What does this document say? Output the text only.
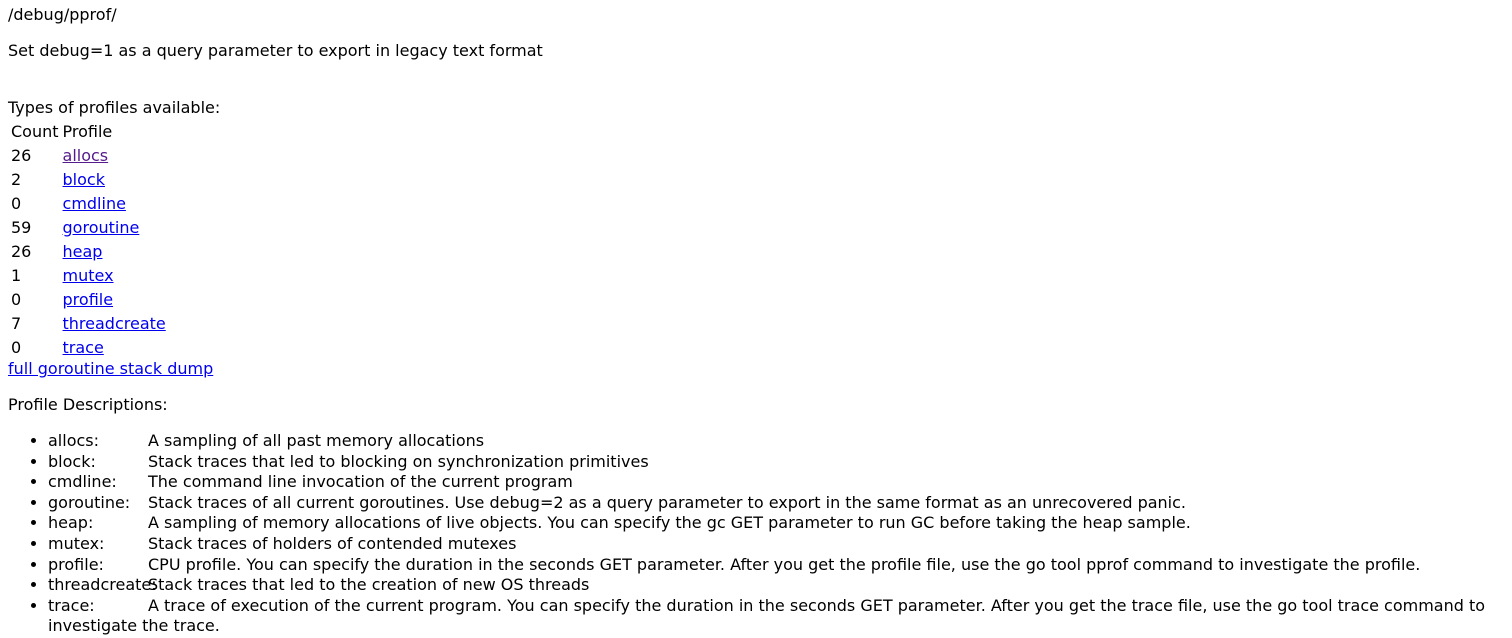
/debug/pprof/
Set debug=1 as a query parameter to export in legacy text format
Types of profiles available:
Count	Profile
26	allocs
2	block
0	cmdline
59	goroutine
26	heap
1	mutex
0	profile
7	threadcreate
0	trace
full goroutine stack dump
Profile Descriptions:
• allocs:	A sampling of all past memory allocations
• block:	Stack traces that led to blocking on synchronization primitives
• cmdline: The command line invocation of the current program
• goroutine: Stack traces of all current goroutines. Use debug=2 as a query parameter to export in the same format as an unrecovered panic.
• heap:	A sampling of memory allocations of live objects. You can specify the gc GET parameter to run GC before taking the heap sample.
• mutex:	Stack traces of holders of contended mutexes
• profile:	CPU profile. You can specify the duration in the seconds GET parameter. After you get the profile file, use the go tool pprof command to investigate the profile.
• threadcreate:Stack traces that led to the creation of new OS threads
• trace:	A trace of execution of the current program. You can specify the duration in the seconds GET parameter. After you get the trace file, use the go tool trace command to investigate the trace.
